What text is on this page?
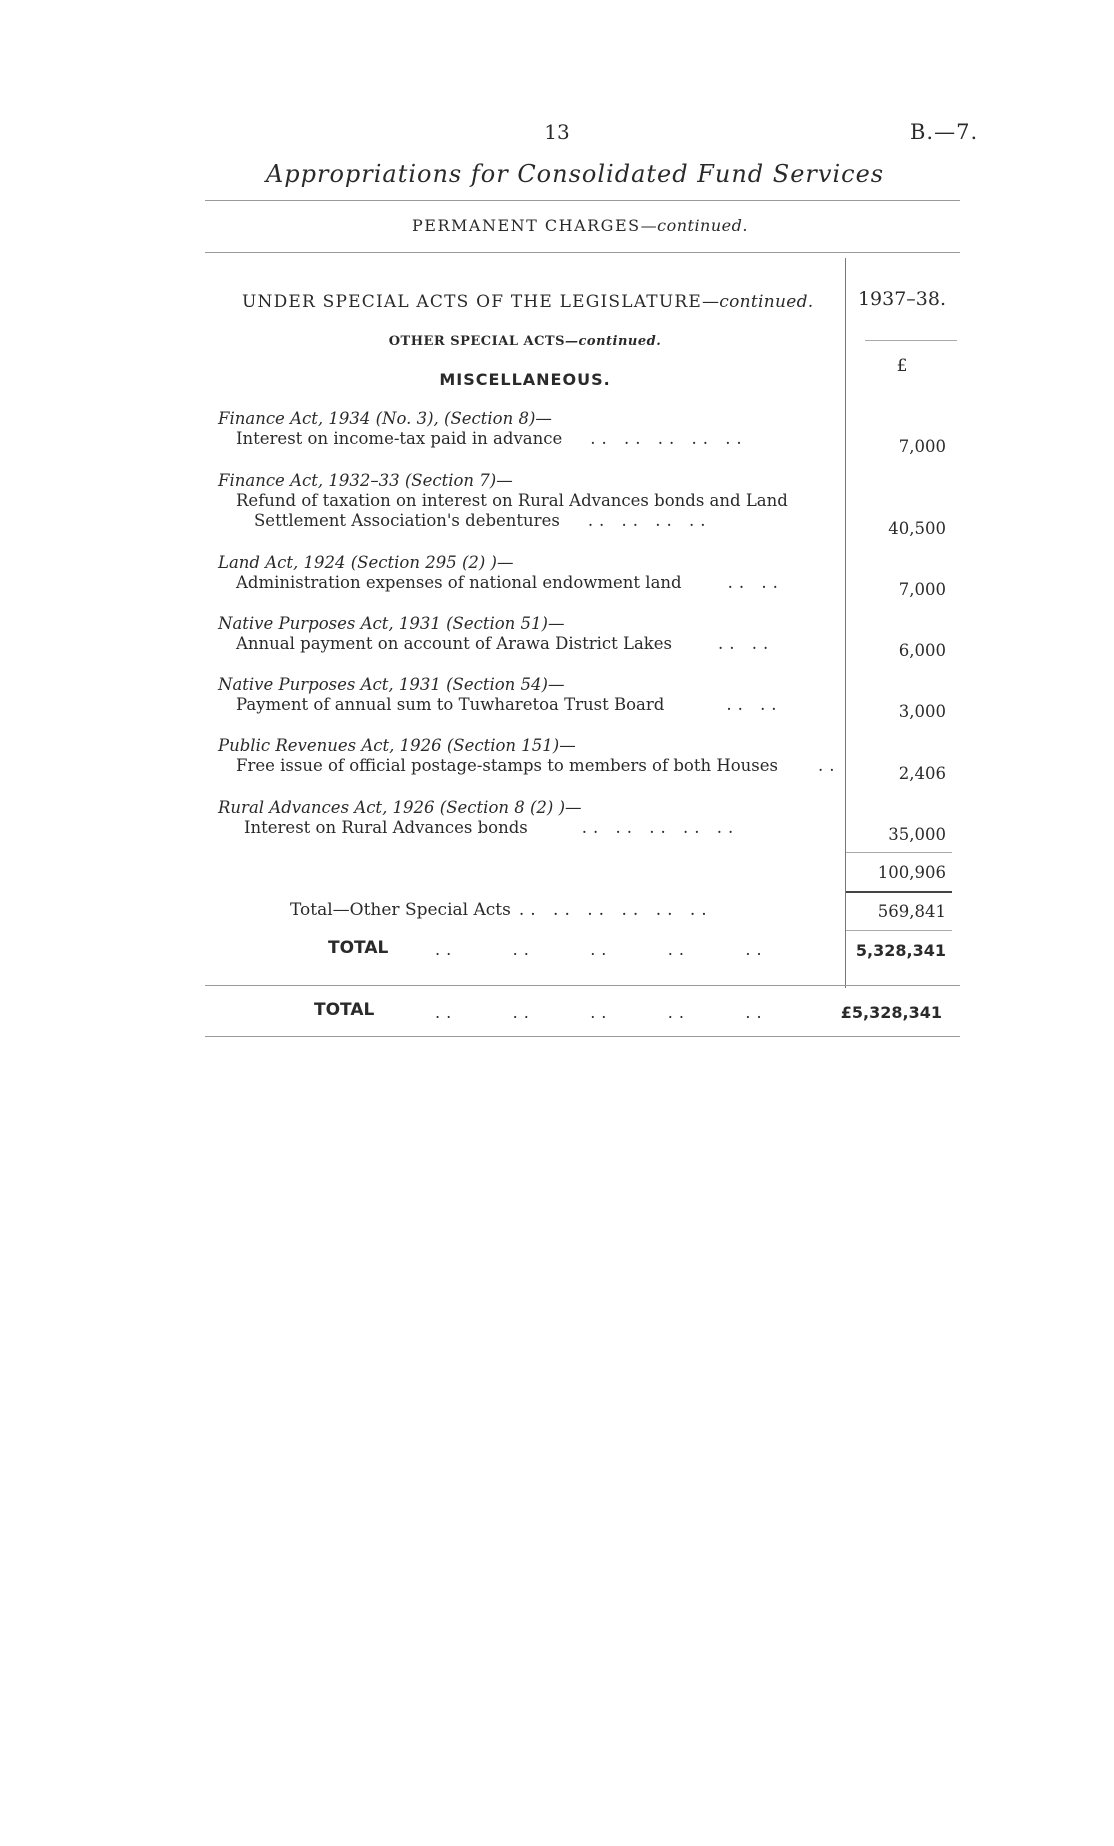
13	B.—7.
Appropriations for Consolidated Fund Services
PERMANENT CHARGES—continued.
UNDER SPECIAL ACTS OF THE LEGISLATURE—continued.	1937–38.
OTHER SPECIAL ACTS—continued.
£
MISCELLANEOUS.
Finance Act, 1934 (No. 3), (Section 8)—
Interest on income-tax paid in advance .. .. .. .. ..	7,000
Finance Act, 1932–33 (Section 7)—
Refund of taxation on interest on Rural Advances bonds and Land
Settlement Association's debentures .. .. .. ..	40,500
Land Act, 1924 (Section 295 (2) )—
Administration expenses of national endowment land	.. ..	7,000
Native Purposes Act, 1931 (Section 51)—
Annual payment on account of Arawa District Lakes	.. ..	6,000
Native Purposes Act, 1931 (Section 54)—
Payment of annual sum to Tuwharetoa Trust Board	.. ..	3,000
Public Revenues Act, 1926 (Section 151)—
Free issue of official postage-stamps to members of both Houses ..	2,406
Rural Advances Act, 1926 (Section 8 (2) )—
Interest on Rural Advances bonds	.. .. .. .. ..	35,000
100,906
Total—Other Special Acts .. .. .. .. .. ..	569,841
TOTAL	..     ..     ..     ..     ..	5,328,341
TOTAL	..     ..     ..     ..     ..	£5,328,341
